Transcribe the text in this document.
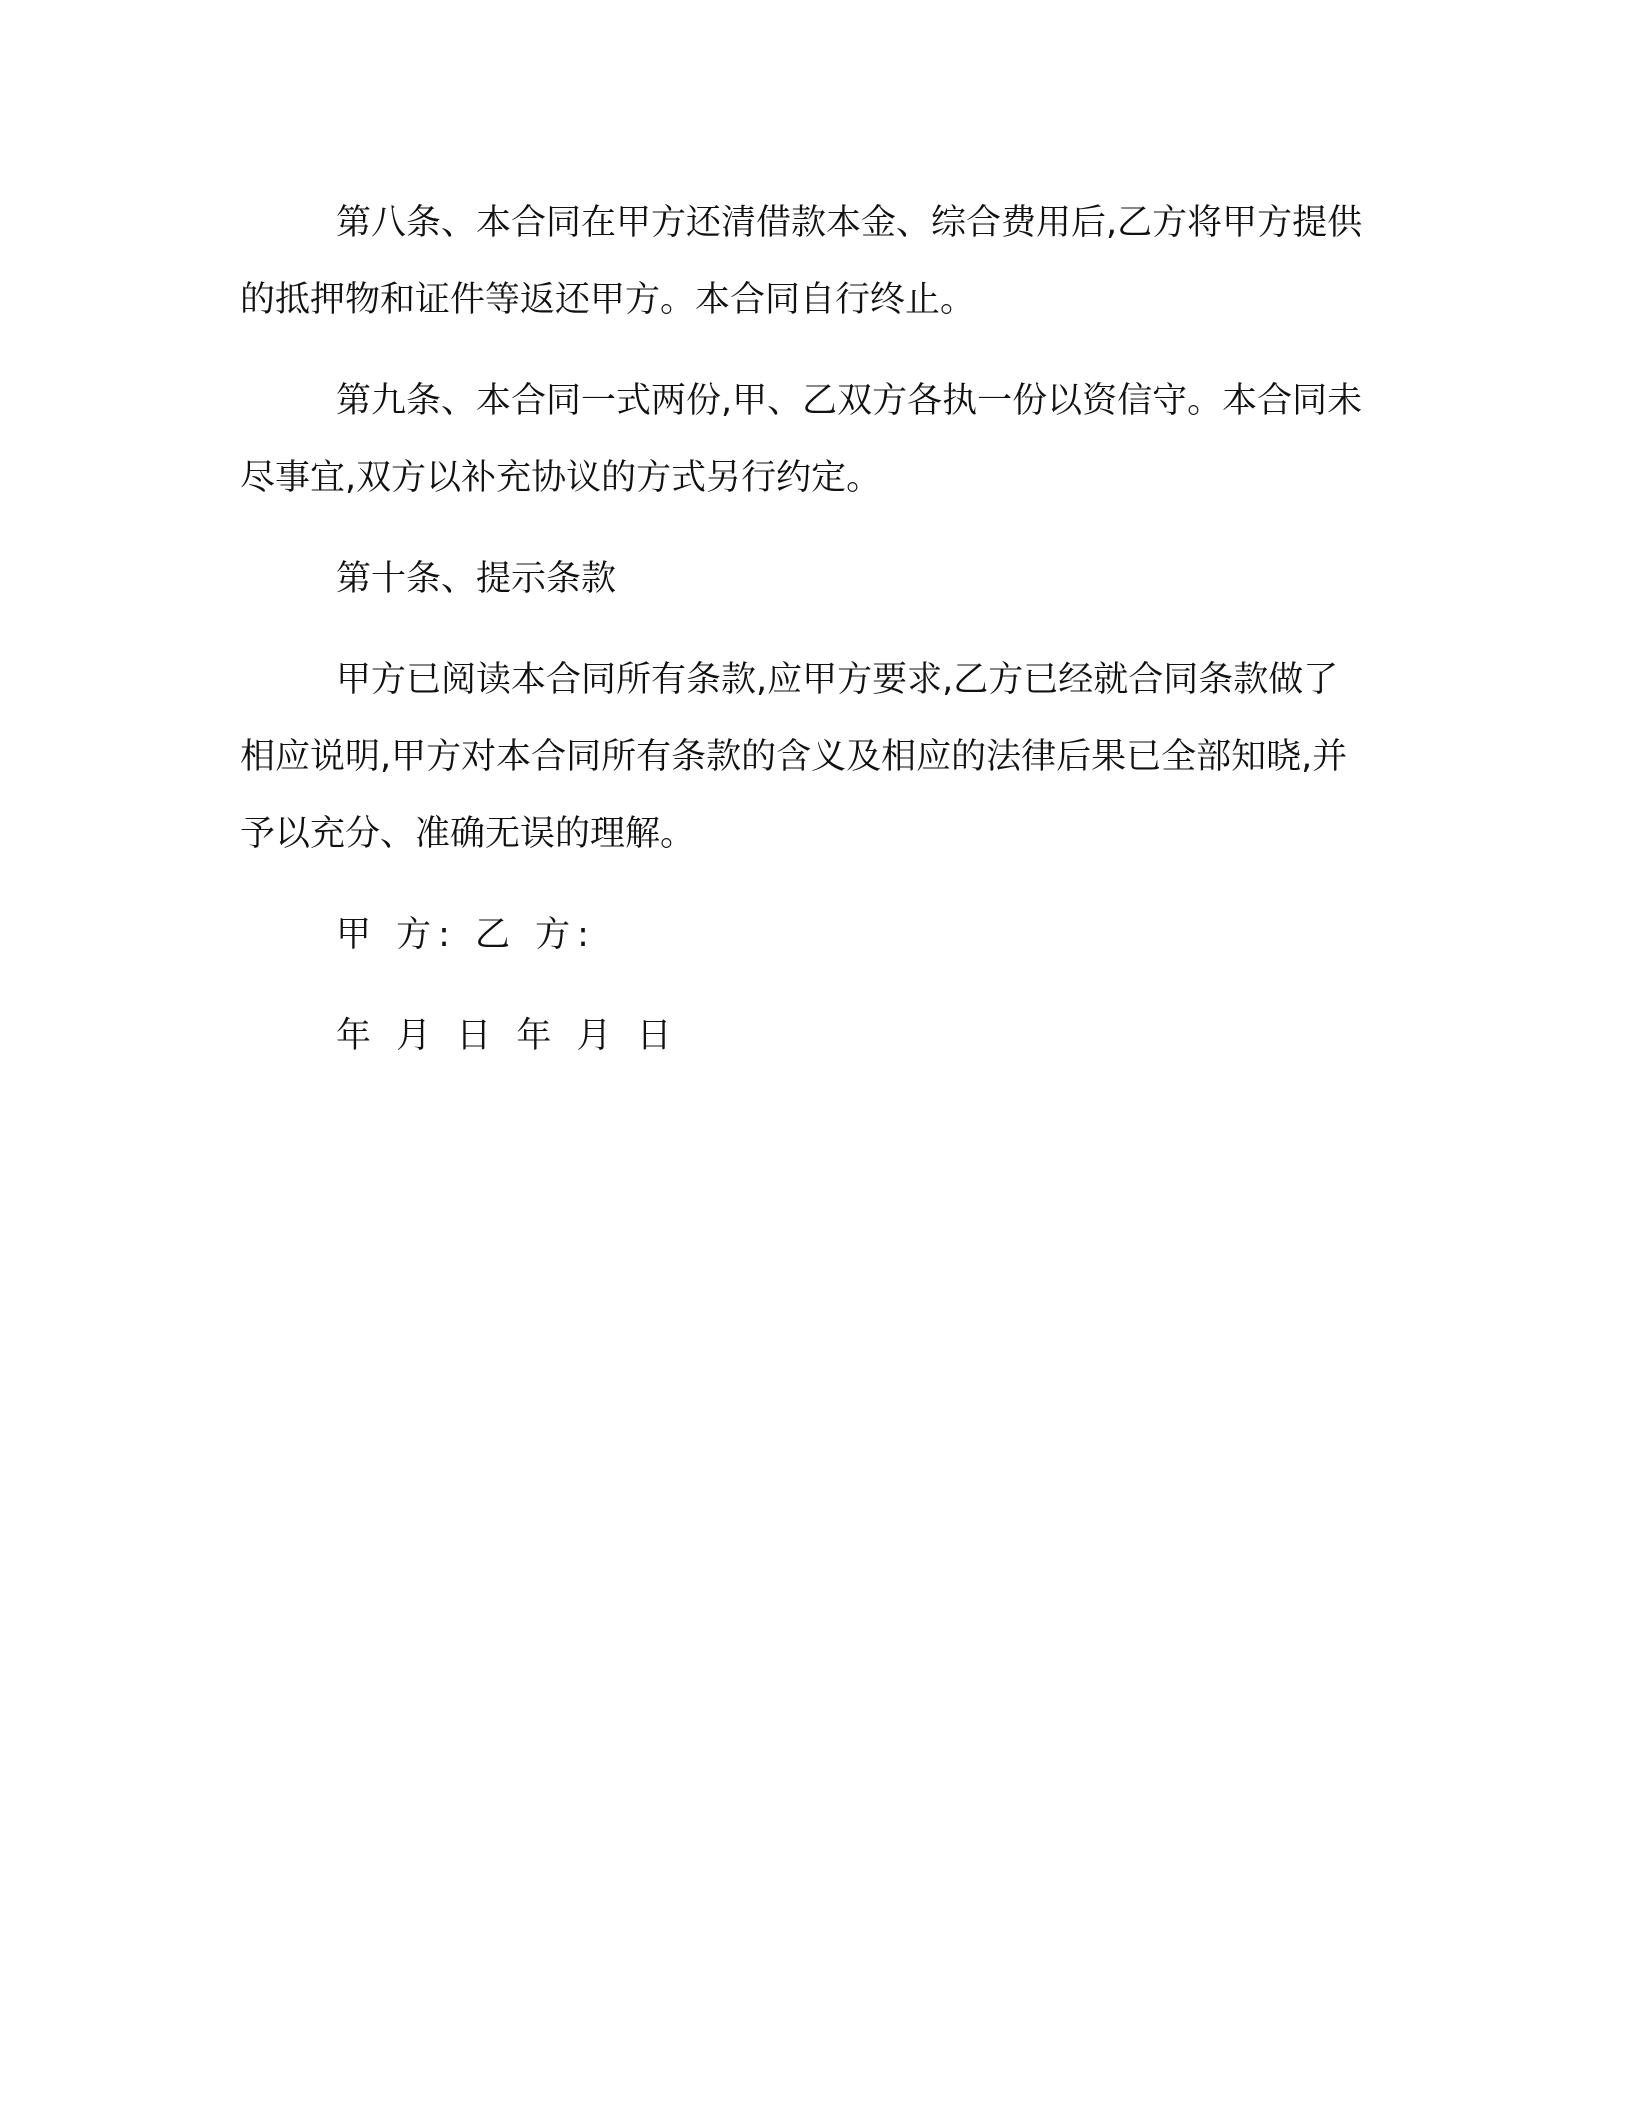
第八条、本合同在甲方还清借款本金、综合费用后,乙方将甲方提供的抵押物和证件等返还甲方。本合同自行终止。

第九条、本合同一式两份,甲、乙双方各执一份以资信守。本合同未尽事宜,双方以补充协议的方式另行约定。

第十条、提示条款

甲方已阅读本合同所有条款,应甲方要求,乙方已经就合同条款做了相应说明,甲方对本合同所有条款的含义及相应的法律后果已全部知晓,并予以充分、准确无误的理解。

甲 方: 乙 方:

年 月 日 年 月 日
